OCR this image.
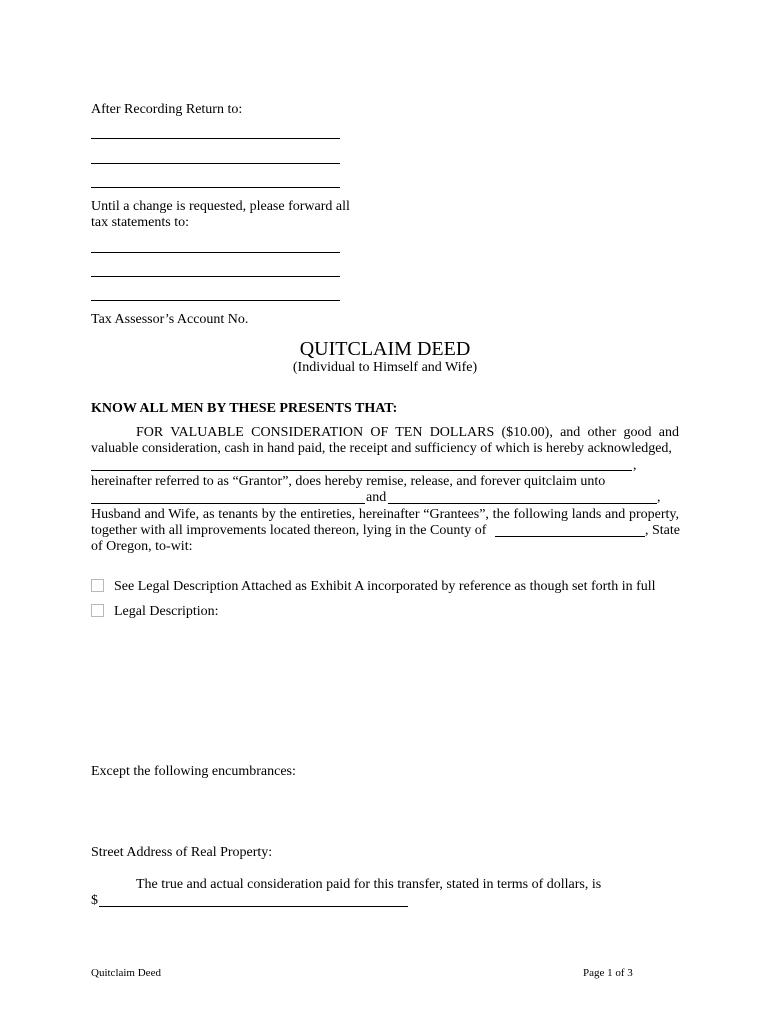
After Recording Return to:
Until a change is requested, please forward all
tax statements to:
Tax Assessor’s Account No.
QUITCLAIM DEED
(Individual to Himself and Wife)
KNOW ALL MEN BY THESE PRESENTS THAT:
FOR VALUABLE CONSIDERATION OF TEN DOLLARS ($10.00), and other good and
valuable consideration, cash in hand paid, the receipt and sufficiency of which is hereby acknowledged,
,
hereinafter referred to as “Grantor”, does hereby remise, release, and forever quitclaim unto
and	,
Husband and Wife, as tenants by the entireties, hereinafter “Grantees”, the following lands and property,
together with all improvements located thereon, lying in the County of	, State
of Oregon, to-wit:
See Legal Description Attached as Exhibit A incorporated by reference as though set forth in full
Legal Description:
Except the following encumbrances:
Street Address of Real Property:
The true and actual consideration paid for this transfer, stated in terms of dollars, is
$
Quitclaim Deed	Page 1 of 3
